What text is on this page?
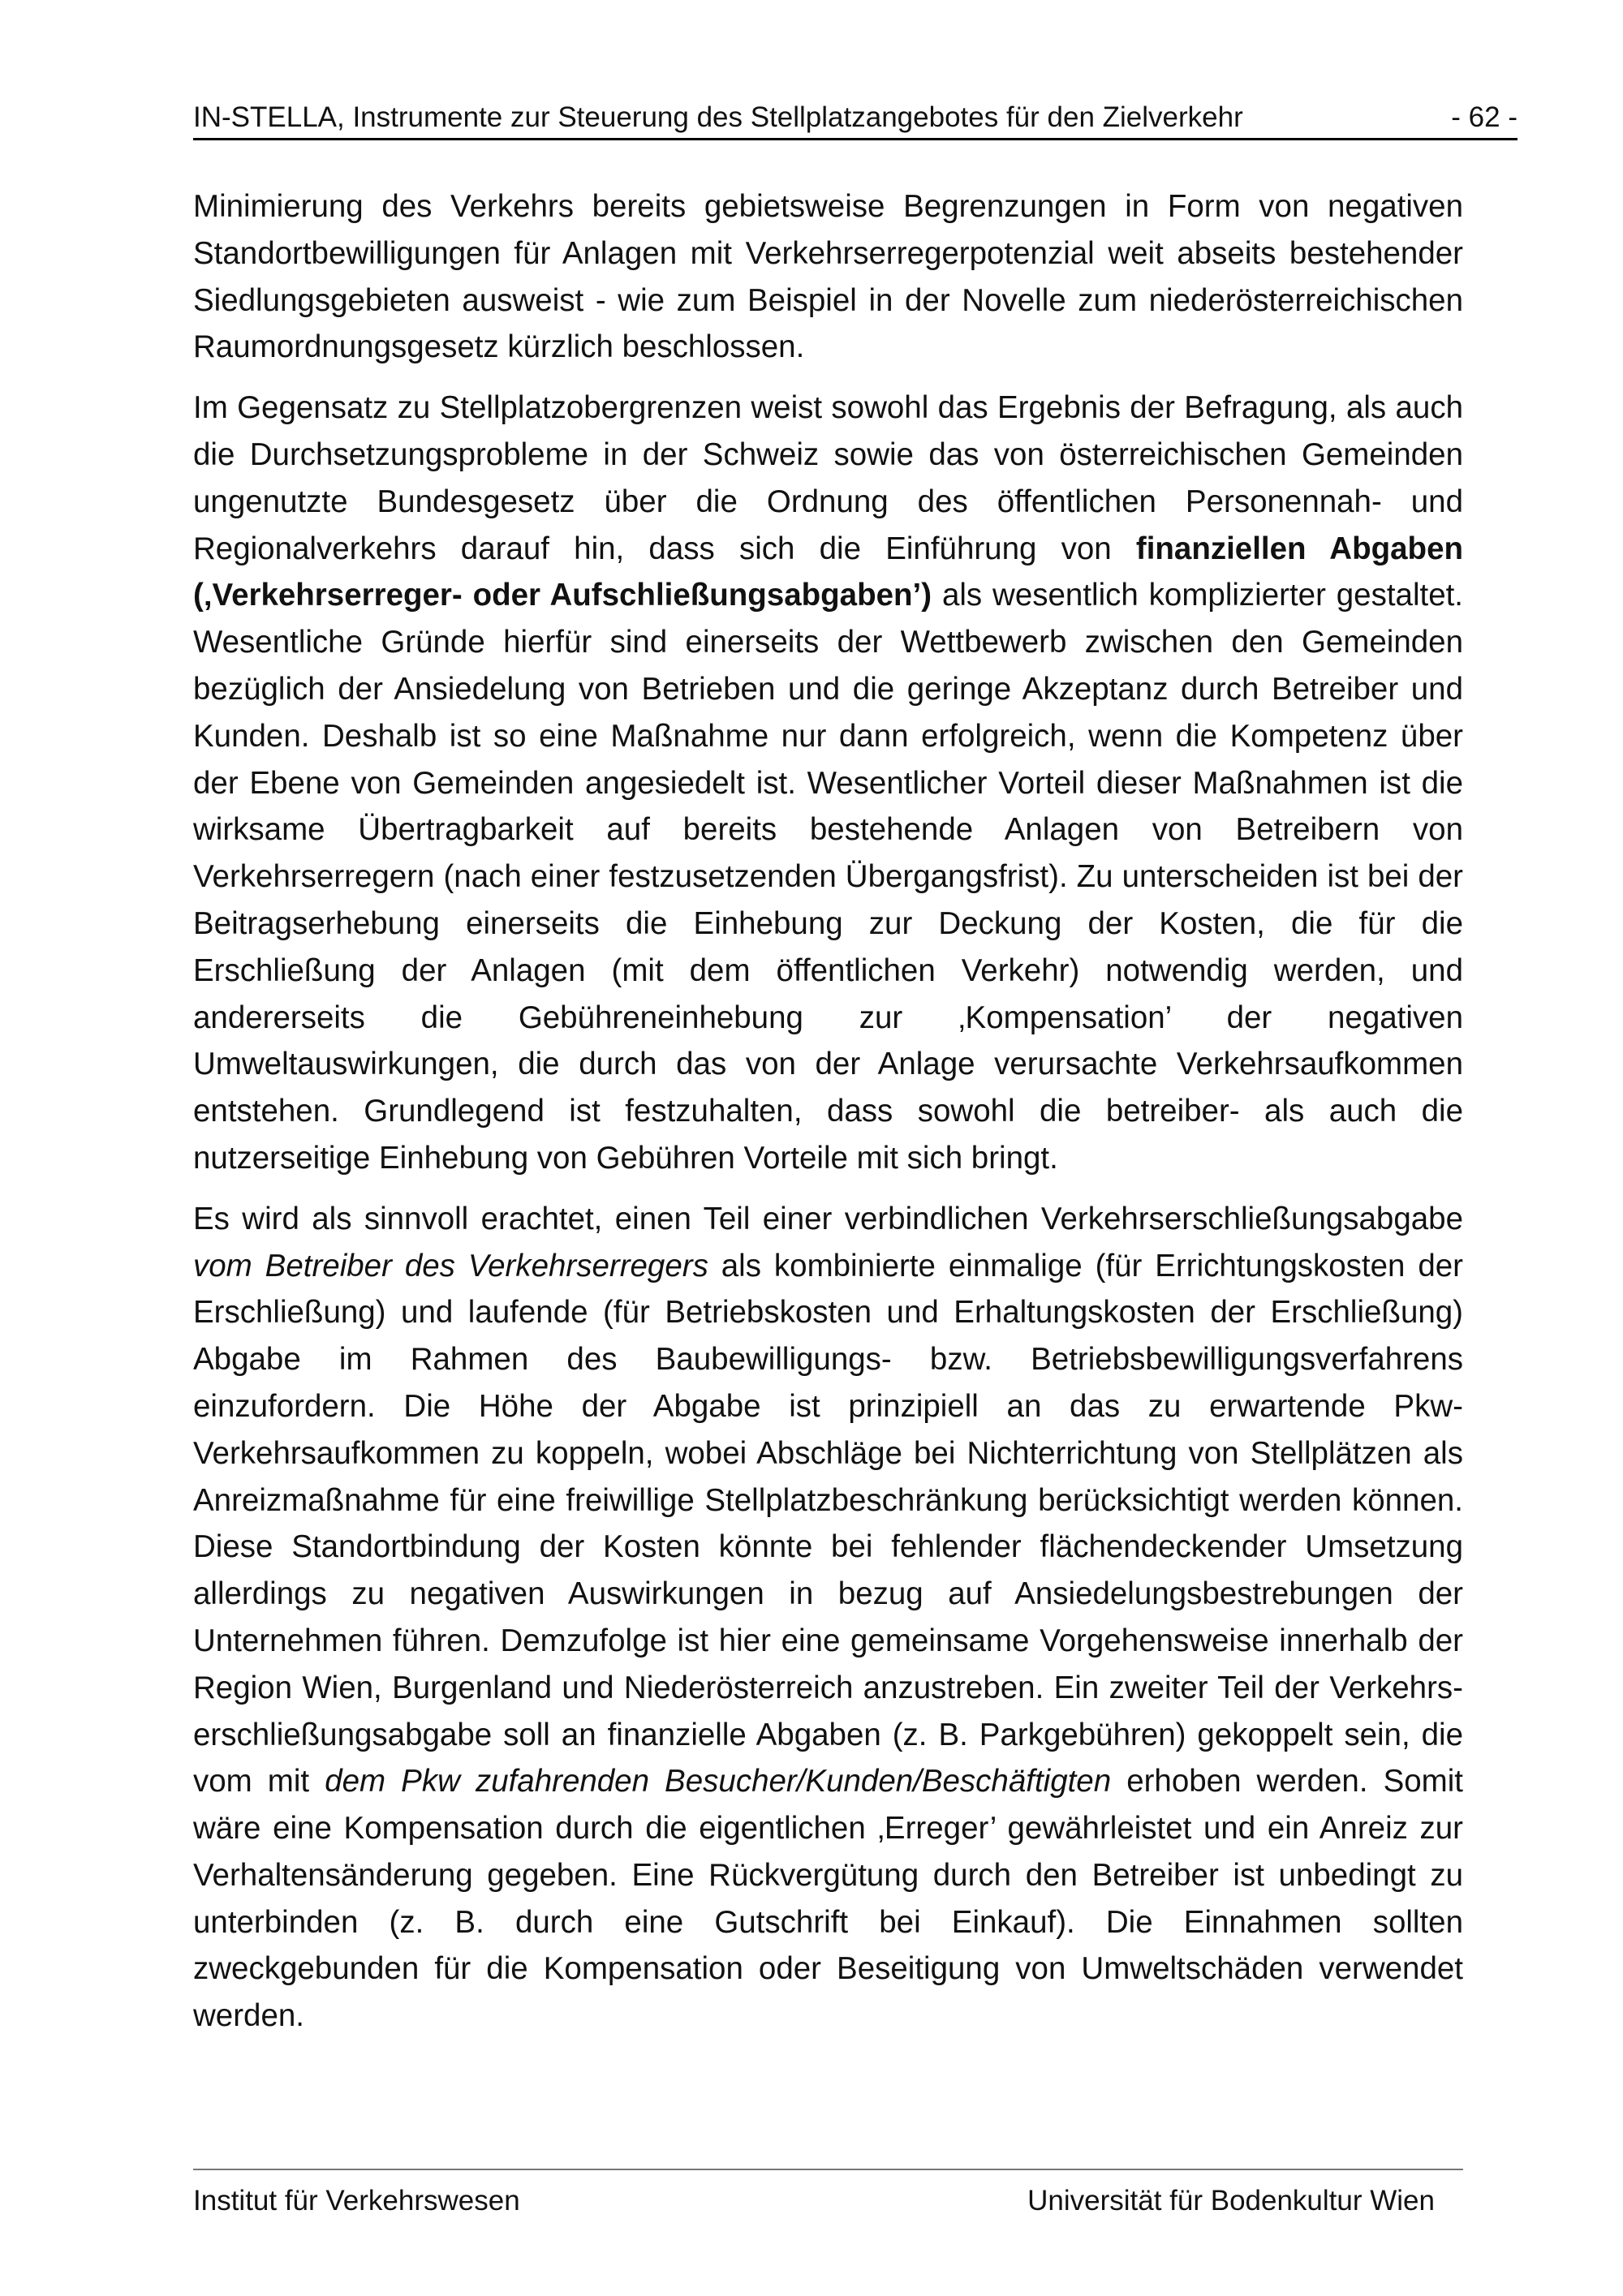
IN-STELLA, Instrumente zur Steuerung des Stellplatzangebotes für den Zielverkehr	- 62 -

Minimierung des Verkehrs bereits gebietsweise Begrenzungen in Form von negativen Standortbewilligungen für Anlagen mit Verkehrserregerpotenzial weit abseits bestehender Siedlungsgebieten ausweist - wie zum Beispiel in der Novelle zum niederösterreichischen Raumordnungsgesetz kürzlich beschlossen.

Im Gegensatz zu Stellplatzobergrenzen weist sowohl das Ergebnis der Befragung, als auch die Durchsetzungsprobleme in der Schweiz sowie das von österreichischen Gemeinden ungenutzte Bundesgesetz über die Ordnung des öffentlichen Personennah- und Regionalverkehrs darauf hin, dass sich die Einführung von finanziellen Abgaben (‚Verkehrserreger- oder Aufschließungsabgaben’) als wesentlich komplizierter gestaltet. Wesentliche Gründe hierfür sind einerseits der Wettbewerb zwischen den Gemeinden bezüglich der Ansiedelung von Betrieben und die geringe Akzeptanz durch Betreiber und Kunden. Deshalb ist so eine Maßnahme nur dann erfolgreich, wenn die Kompetenz über der Ebene von Gemeinden angesiedelt ist. Wesentlicher Vorteil dieser Maßnahmen ist die wirksame Übertragbarkeit auf bereits bestehende Anlagen von Betreibern von Verkehrserregern (nach einer festzusetzenden Übergangsfrist). Zu unterscheiden ist bei der Beitragserhebung einerseits die Einhebung zur Deckung der Kosten, die für die Erschließung der Anlagen (mit dem öffentlichen Verkehr) notwendig werden, und andererseits die Gebühreneinhebung zur ‚Kompensation’ der negativen Umweltauswirkungen, die durch das von der Anlage verursachte Verkehrsaufkommen entstehen. Grundlegend ist festzuhalten, dass sowohl die betreiber- als auch die nutzerseitige Einhebung von Gebühren Vorteile mit sich bringt.

Es wird als sinnvoll erachtet, einen Teil einer verbindlichen Verkehrserschließungsabgabe vom Betreiber des Verkehrserregers als kombinierte einmalige (für Errichtungskosten der Erschließung) und laufende (für Betriebskosten und Erhaltungskosten der Erschließung) Abgabe im Rahmen des Baubewilligungs- bzw. Betriebsbewilligungsverfahrens einzufordern. Die Höhe der Abgabe ist prinzipiell an das zu erwartende Pkw-Verkehrsaufkommen zu koppeln, wobei Abschläge bei Nichterrichtung von Stellplätzen als Anreizmaßnahme für eine freiwillige Stellplatzbeschränkung berücksichtigt werden können. Diese Standortbindung der Kosten könnte bei fehlender flächendeckender Umsetzung allerdings zu negativen Auswirkungen in bezug auf Ansiedelungsbestrebungen der Unternehmen führen. Demzufolge ist hier eine gemeinsame Vorgehensweise innerhalb der Region Wien, Burgenland und Niederösterreich anzustreben. Ein zweiter Teil der Verkehrserschließungsabgabe soll an finanzielle Abgaben (z. B. Parkgebühren) gekoppelt sein, die vom mit dem Pkw zufahrenden Besucher/Kunden/Beschäftigten erhoben werden. Somit wäre eine Kompensation durch die eigentlichen ‚Erreger’ gewährleistet und ein Anreiz zur Verhaltensänderung gegeben. Eine Rückvergütung durch den Betreiber ist unbedingt zu unterbinden (z. B. durch eine Gutschrift bei Einkauf). Die Einnahmen sollten zweckgebunden für die Kompensation oder Beseitigung von Umweltschäden verwendet werden.

Institut für Verkehrswesen	Universität für Bodenkultur Wien
